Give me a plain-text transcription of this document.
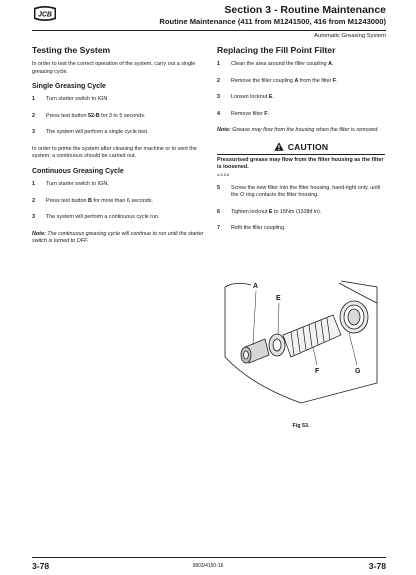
JCB	Section 3 - Routine Maintenance
Routine Maintenance (411 from M1241500, 416 from M1243000)
Automatic Greasing System
Testing the System

In order to test the correct operation of the system, carry out a single greasing cycle.

Single Greasing Cycle
1	Turn starter switch to IGN.
2	Press test button 52-B for 3 to 5 seconds.
3	The system will perform a single cycle test.

In order to prime the system after cleaning the machine or to vent the system; a continuous should be carried out.

Continuous Greasing Cycle
1	Turn starter switch to IGN.
2	Press test button B for more than 6 seconds.
3	The system will perform a continuous cycle run.

Note: The continuous greasing cycle will continue to run until the starter switch is turned to OFF.

Replacing the Fill Point Filter
1	Clean the area around the filler coupling A.
2	Remove the filler coupling A from the filter F.
3	Loosen locknut E.
4	Remove filter F.

Note: Grease may flow from the housing when the filter is removed.

CAUTION
Pressurised grease may flow from the filter housing as the filter is loosened.
4-3-5-6
5	Screw the new filter into the filter housing, hand-tight only, until the O ring contacts the filter housing.
6	Tighten locknut E to 15Nm (133lbf in).
7	Refit the filler coupling.
A
E
F	G
Fig 53.
3-78	9803/4150-16	3-78
